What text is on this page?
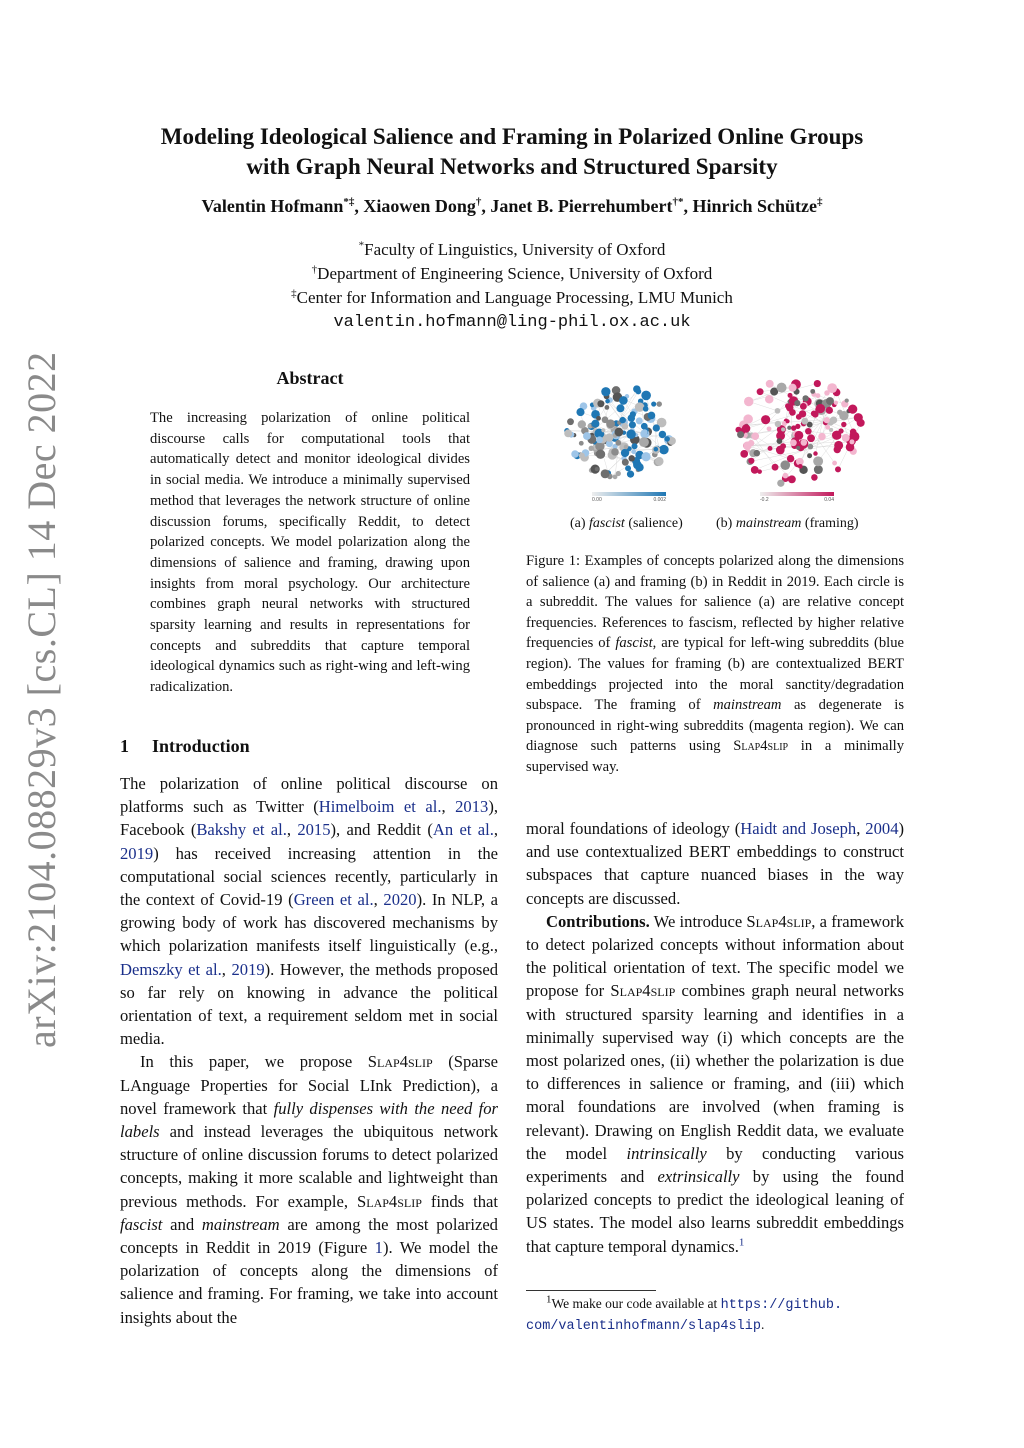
arXiv:2104.08829v3 [cs.CL] 14 Dec 2022
Modeling Ideological Salience and Framing in Polarized Online Groups
with Graph Neural Networks and Structured Sparsity
Valentin Hofmann*‡, Xiaowen Dong†, Janet B. Pierrehumbert†*, Hinrich Schütze‡
*Faculty of Linguistics, University of Oxford
†Department of Engineering Science, University of Oxford
‡Center for Information and Language Processing, LMU Munich
valentin.hofmann@ling-phil.ox.ac.uk
Abstract
The increasing polarization of online political discourse calls for computational tools that automatically detect and monitor ideological divides in social media. We introduce a minimally supervised method that leverages the network structure of online discussion forums, specifically Reddit, to detect polarized concepts. We model polarization along the dimensions of salience and framing, drawing upon insights from moral psychology. Our architecture combines graph neural networks with structured sparsity learning and results in representations for concepts and subreddits that capture temporal ideological dynamics such as right-wing and left-wing radicalization.
1 Introduction

The polarization of online political discourse on platforms such as Twitter (Himelboim et al., 2013), Facebook (Bakshy et al., 2015), and Reddit (An et al., 2019) has received increasing attention in the computational social sciences recently, particularly in the context of Covid-19 (Green et al., 2020). In NLP, a growing body of work has discovered mechanisms by which polarization manifests itself linguistically (e.g., Demszky et al., 2019). However, the methods proposed so far rely on knowing in advance the political orientation of text, a requirement seldom met in social media.

In this paper, we propose Slap4slip (Sparse LAnguage Properties for Social LInk Prediction), a novel framework that fully dispenses with the need for labels and instead leverages the ubiquitous network structure of online discussion forums to detect polarized concepts, making it more scalable and lightweight than previous methods. For example, Slap4slip finds that fascist and mainstream are among the most polarized concepts in Reddit in 2019 (Figure 1). We model the polarization of concepts along the dimensions of salience and framing. For framing, we take into account insights about the

0.00	0.002	-0.2	0.04
(a) fascist (salience) (b) mainstream (framing)
Figure 1: Examples of concepts polarized along the dimensions of salience (a) and framing (b) in Reddit in 2019. Each circle is a subreddit. The values for salience (a) are relative concept frequencies. References to fascism, reflected by higher relative frequencies of fascist, are typical for left-wing subreddits (blue region). The values for framing (b) are contextualized BERT embeddings projected into the moral sanctity/degradation subspace. The framing of mainstream as degenerate is pronounced in right-wing subreddits (magenta region). We can diagnose such patterns using Slap4slip in a minimally supervised way.

moral foundations of ideology (Haidt and Joseph, 2004) and use contextualized BERT embeddings to construct subspaces that capture nuanced biases in the way concepts are discussed.

Contributions. We introduce Slap4slip, a framework to detect polarized concepts without information about the political orientation of text. The specific model we propose for Slap4slip combines graph neural networks with structured sparsity learning and identifies in a minimally supervised way (i) which concepts are the most polarized ones, (ii) whether the polarization is due to differences in salience or framing, and (iii) which moral foundations are involved (when framing is relevant). Drawing on English Reddit data, we evaluate the model intrinsically by conducting various experiments and extrinsically by using the found polarized concepts to predict the ideological leaning of US states. The model also learns subreddit embeddings that capture temporal dynamics.$^1$

$^1$We make our code available at https://github.
com/valentinhofmann/slap4slip.
